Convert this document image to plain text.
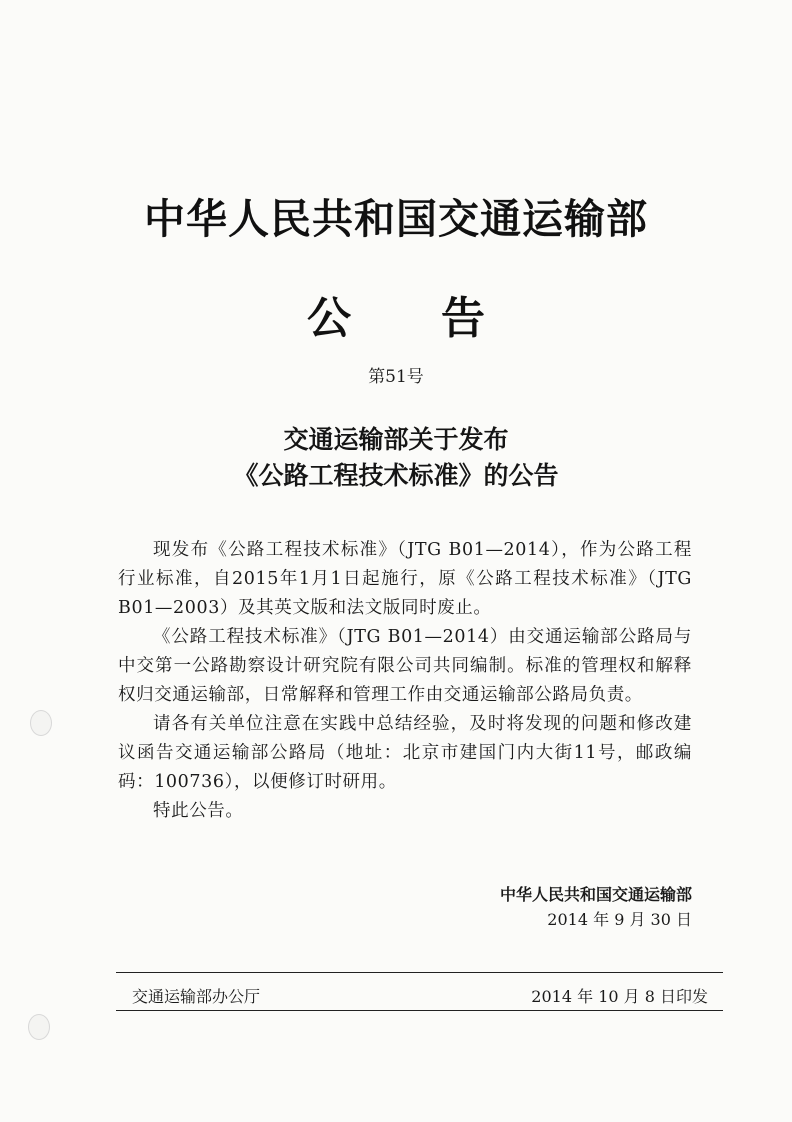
中华人民共和国交通运输部
公 告
第51号
交通运输部关于发布
《公路工程技术标准》的公告

现发布《公路工程技术标准》（JTG B01—2014），作为公路工程行业标准，自2015年1月1日起施行，原《公路工程技术标准》（JTG B01—2003）及其英文版和法文版同时废止。

《公路工程技术标准》（JTG B01—2014）由交通运输部公路局与中交第一公路勘察设计研究院有限公司共同编制。标准的管理权和解释权归交通运输部，日常解释和管理工作由交通运输部公路局负责。

请各有关单位注意在实践中总结经验，及时将发现的问题和修改建议函告交通运输部公路局（地址：北京市建国门内大街11号，邮政编码：100736），以便修订时研用。

特此公告。

中华人民共和国交通运输部
2014 年 9 月 30 日
交通运输部办公厅	2014 年 10 月 8 日印发
